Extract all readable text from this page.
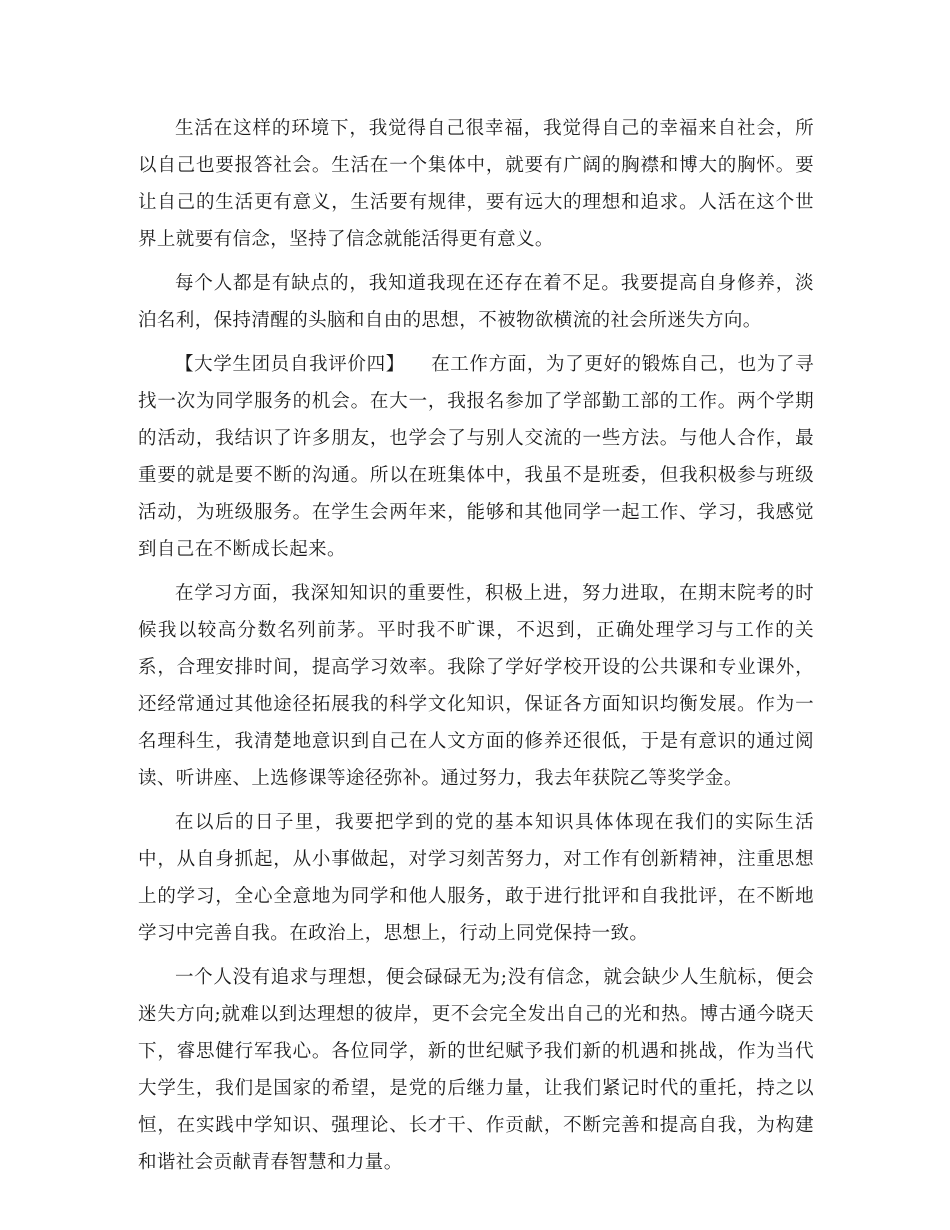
生活在这样的环境下，我觉得自己很幸福，我觉得自己的幸福来自社会，所以自己也要报答社会。生活在一个集体中，就要有广阔的胸襟和博大的胸怀。要让自己的生活更有意义，生活要有规律，要有远大的理想和追求。人活在这个世界上就要有信念，坚持了信念就能活得更有意义。

每个人都是有缺点的，我知道我现在还存在着不足。我要提高自身修养，淡泊名利，保持清醒的头脑和自由的思想，不被物欲横流的社会所迷失方向。

【大学生团员自我评价四】 在工作方面，为了更好的锻炼自己，也为了寻找一次为同学服务的机会。在大一，我报名参加了学部勤工部的工作。两个学期的活动，我结识了许多朋友，也学会了与别人交流的一些方法。与他人合作，最重要的就是要不断的沟通。所以在班集体中，我虽不是班委，但我积极参与班级活动，为班级服务。在学生会两年来，能够和其他同学一起工作、学习，我感觉到自己在不断成长起来。

在学习方面，我深知知识的重要性，积极上进，努力进取，在期末院考的时候我以较高分数名列前茅。平时我不旷课，不迟到，正确处理学习与工作的关系，合理安排时间，提高学习效率。我除了学好学校开设的公共课和专业课外，还经常通过其他途径拓展我的科学文化知识，保证各方面知识均衡发展。作为一名理科生，我清楚地意识到自己在人文方面的修养还很低，于是有意识的通过阅读、听讲座、上选修课等途径弥补。通过努力，我去年获院乙等奖学金。

在以后的日子里，我要把学到的党的基本知识具体体现在我们的实际生活中，从自身抓起，从小事做起，对学习刻苦努力，对工作有创新精神，注重思想上的学习，全心全意地为同学和他人服务，敢于进行批评和自我批评，在不断地学习中完善自我。在政治上，思想上，行动上同党保持一致。

一个人没有追求与理想，便会碌碌无为;没有信念，就会缺少人生航标，便会迷失方向;就难以到达理想的彼岸，更不会完全发出自己的光和热。博古通今晓天下，睿思健行军我心。各位同学，新的世纪赋予我们新的机遇和挑战，作为当代大学生，我们是国家的希望，是党的后继力量，让我们紧记时代的重托，持之以恒，在实践中学知识、强理论、长才干、作贡献，不断完善和提高自我，为构建和谐社会贡献青春智慧和力量。
